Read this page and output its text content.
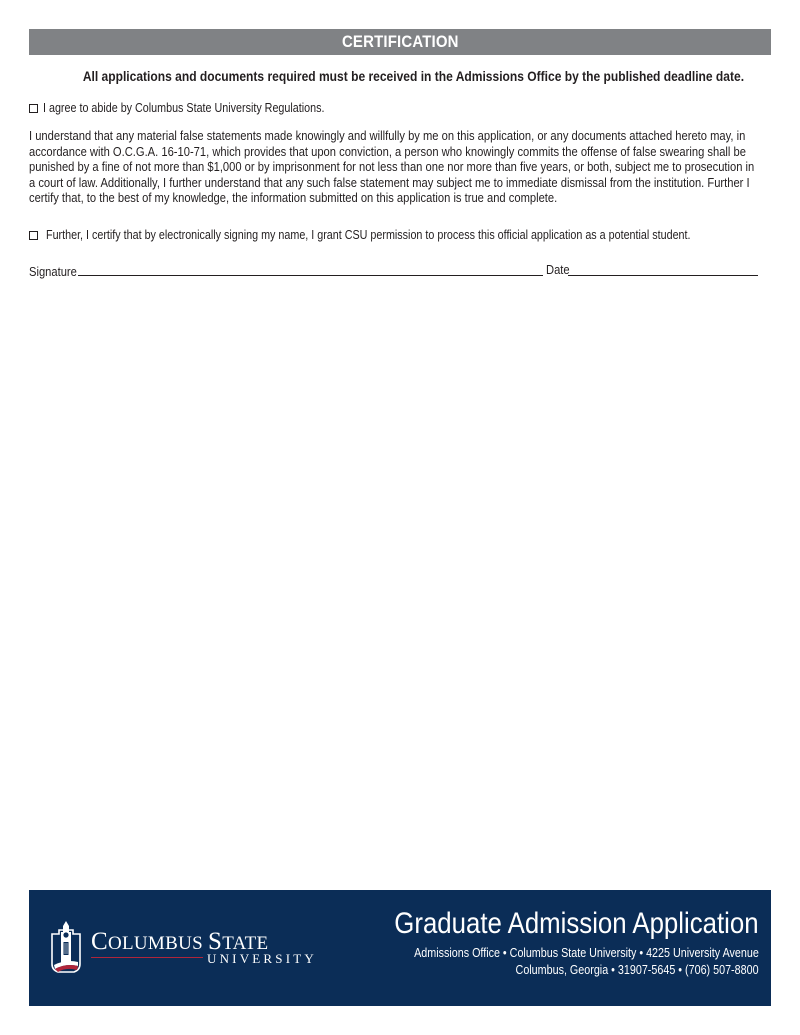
CERTIFICATION
All applications and documents required must be received in the Admissions Office by the published deadline date.
I agree to abide by Columbus State University Regulations.
I understand that any material false statements made knowingly and willfully by me on this application, or any documents attached hereto may, in
accordance with O.C.G.A. 16-10-71, which provides that upon conviction, a person who knowingly commits the offense of false swearing shall be
punished by a fine of not more than $1,000 or by imprisonment for not less than one nor more than five years, or both, subject me to prosecution in
a court of law. Additionally, I further understand that any such false statement may subject me to immediate dismissal from the institution. Further I
certify that, to the best of my knowledge, the information submitted on this application is true and complete.
Further, I certify that by electronically signing my name, I grant CSU permission to process this official application as a potential student.
Signature	Date
COLUMBUS STATE
UNIVERSITY
Graduate Admission Application
Admissions Office • Columbus State University • 4225 University Avenue
Columbus, Georgia • 31907-5645 • (706) 507-8800
